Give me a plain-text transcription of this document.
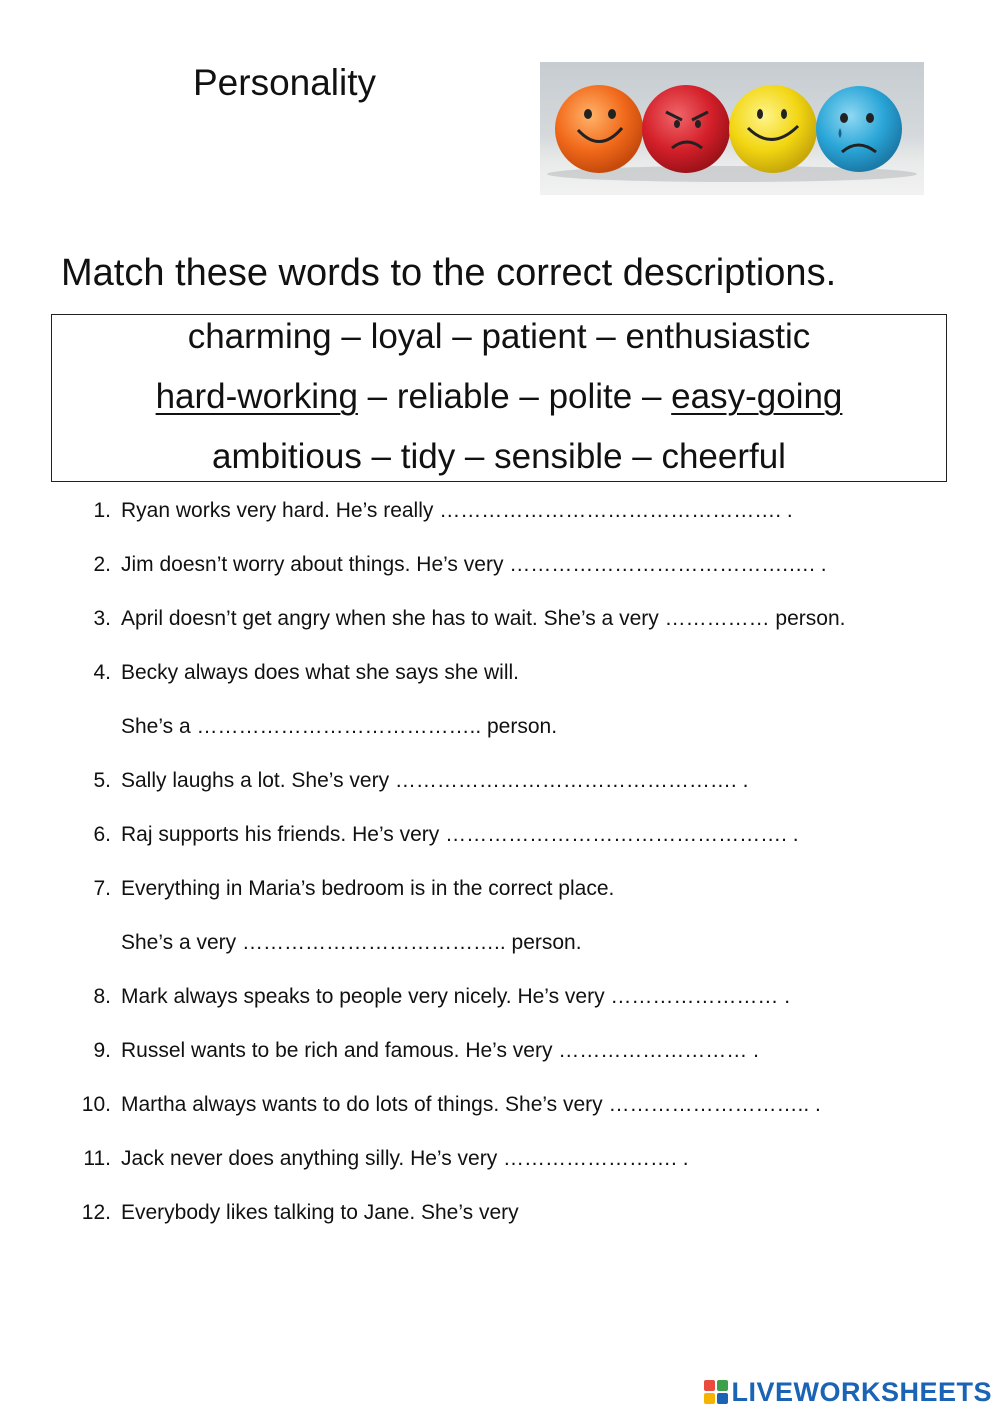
Personality
Match these words to the correct descriptions.
charming – loyal – patient – enthusiastic
hard-working – reliable – polite – easy-going
ambitious – tidy – sensible – cheerful
1. Ryan works very hard. He’s really …………………………………………. .
2. Jim doesn’t worry about things. He’s very ………………………………….…. .
3. April doesn’t get angry when she has to wait. She’s a very …………… person.
4. Becky always does what she says she will.
She’s a ………………………………….. person.
5. Sally laughs a lot. She’s very …………………………………………. .
6. Raj supports his friends. He’s very …………………………………………. .
7. Everything in Maria’s bedroom is in the correct place.
She’s a very ……………………………….. person.
8. Mark always speaks to people very nicely. He’s very …………………… .
9. Russel wants to be rich and famous. He’s very ……………………… .
10. Martha always wants to do lots of things. She’s very ……………………….. .
11. Jack never does anything silly. He’s very ……………………. .
12. Everybody likes talking to Jane. She’s very
LIVEWORKSHEETS
